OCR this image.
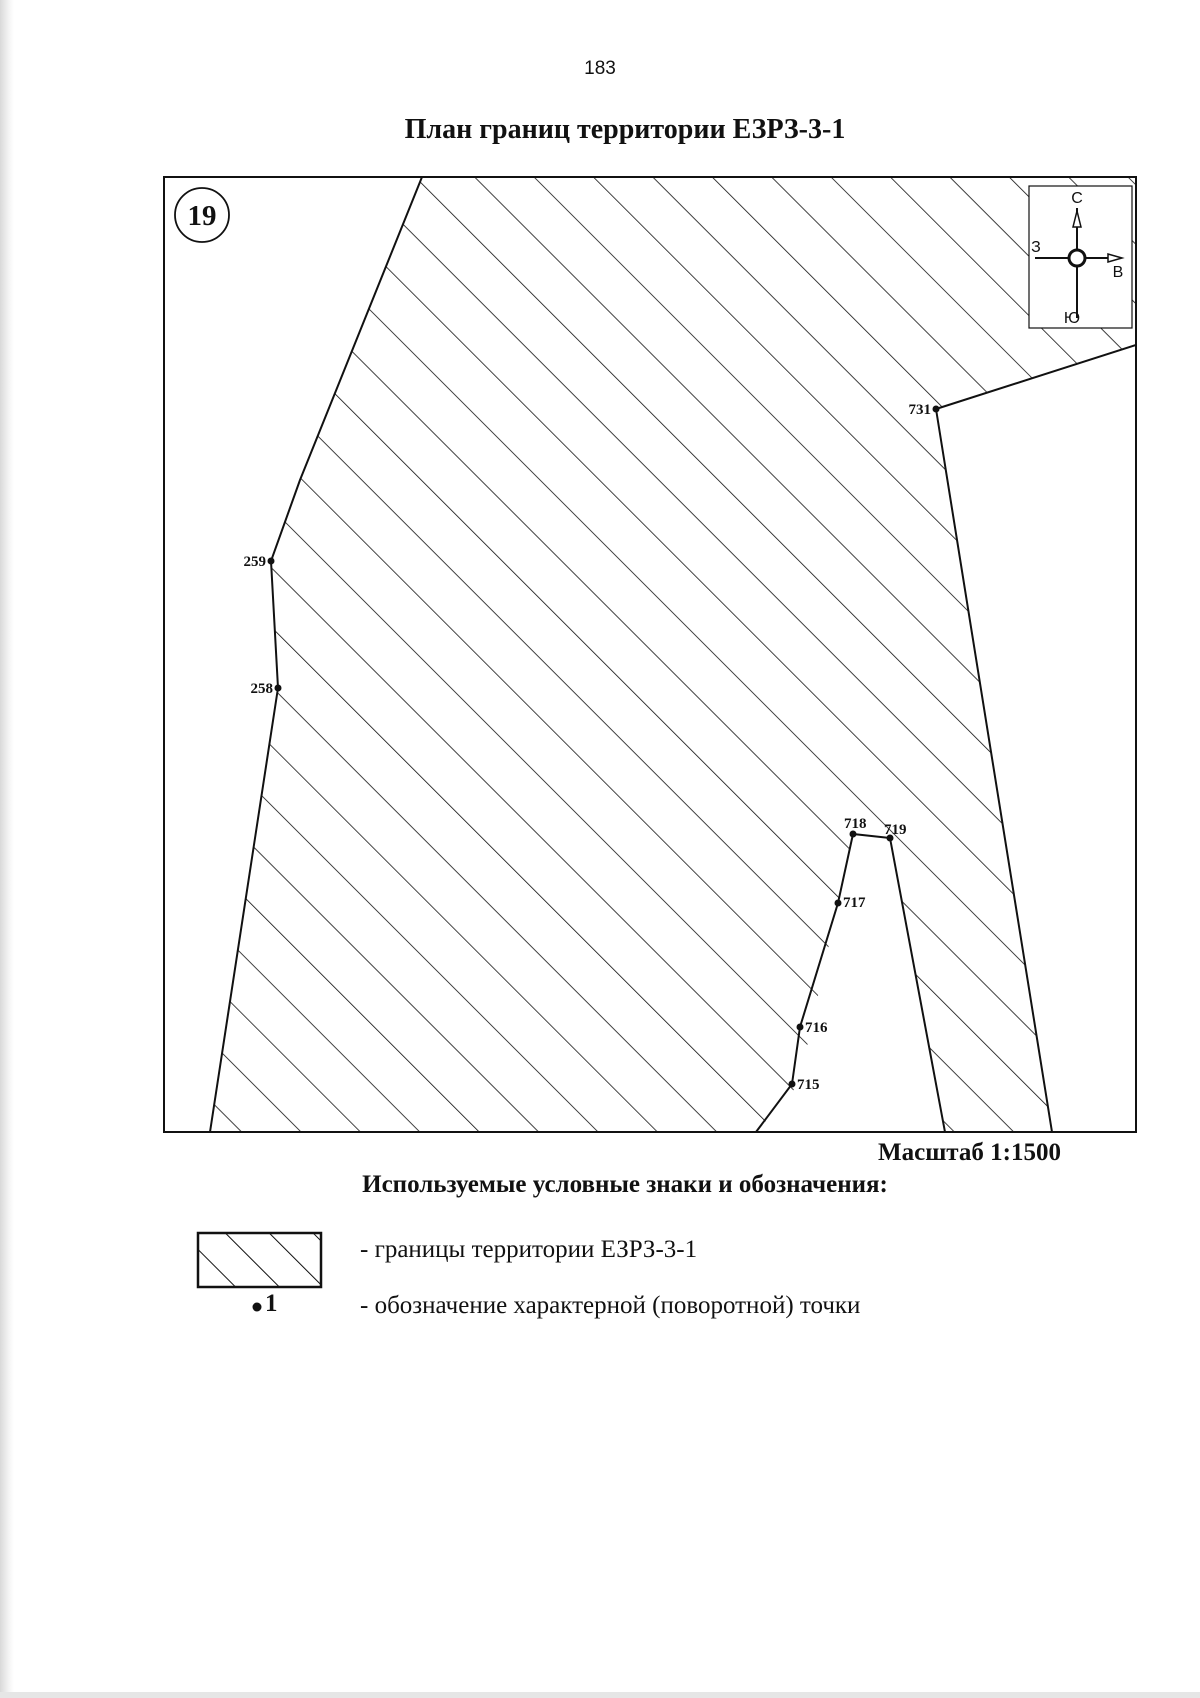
183
План границ территории ЕЗРЗ-3-1
19
С
Ю
З
В
259
258
731
718 719
717
716
715
Масштаб 1:1500
Используемые условные знаки и обозначения:
1
- границы территории ЕЗРЗ-3-1
- обозначение характерной (поворотной) точки
